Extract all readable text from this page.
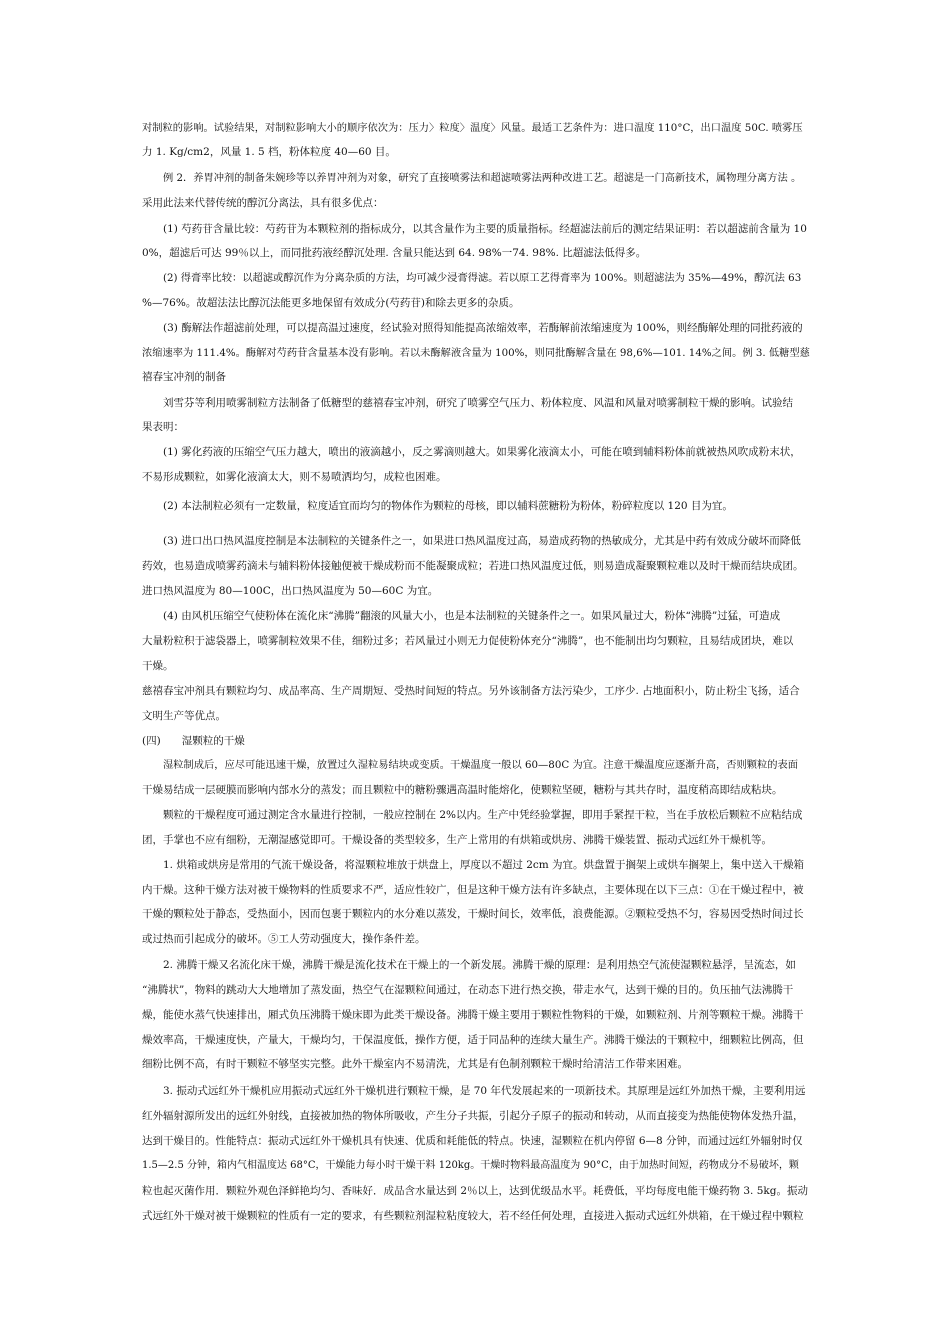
对制粒的影响。试验结果，对制粒影响大小的顺序依次为：压力〉粒度〉温度〉风量。最适工艺条件为：进口温度 110°C，出口温度 50C. 喷雾压
力 1. Kg/cm2，风量 1. 5 档，粉体粒度 40—60 目。
例 2．养胃冲剂的制备朱婉珍等以养胃冲剂为对象，研究了直接喷雾法和超滤喷雾法两种改进工艺。超滤是一门高新技术，属物理分离方法 。
采用此法来代替传统的醇沉分离法，具有很多优点：
(1) 芍药苷含量比较：芍药苷为本颗粒剂的指标成分，以其含量作为主要的质量指标。经超滤法前后的测定结果证明：若以超滤前含量为 10
0%，超滤后可达 99％以上，而同批药液经醇沉处理. 含量只能达到 64. 98%一74. 98%. 比超滤法低得多。
(2) 得膏率比较：以超滤或醇沉作为分离杂质的方法，均可减少浸膏得滤。若以原工艺得膏率为 100%。则超滤法为 35%—49%，醇沉法 63
%—76%。故超法法比醇沉法能更多地保留有效成分(芍药苷)和除去更多的杂质。
(3) 酶解法作超滤前处理，可以提高温过速度，经试验对照得知能提高浓缩效率，若酶解前浓缩速度为 100%，则经酶解处理的同批药液的
浓缩速率为 111.4%。酶解对芍药苷含量基本没有影响。若以未酶解液含量为 100%，则同批酶解含量在 98,6%—101. 14%之间。例 3. 低糖型慈
禧春宝冲剂的制备
刘雪芬等利用喷雾制粒方法制备了低糖型的慈禧春宝冲剂，研究了喷雾空气压力、粉体粒度、风温和风量对喷雾制粒干燥的影响。试验结
果表明：
(1) 雾化药液的压缩空气压力越大，喷出的液滴越小，反之雾滴则越大。如果雾化液滴太小，可能在喷到辅料粉体前就被热风吹成粉末状，
不易形成颗粒，如雾化液滴太大，则不易喷洒均匀，成粒也困难。
(2) 本法制粒必须有一定数量，粒度适宜而均匀的物体作为颗粒的母核，即以辅料蔗糖粉为粉体，粉碎粒度以 120 目为宜。
(3) 进口出口热风温度控制是本法制粒的关键条件之一，如果进口热风温度过高，易造成药物的热敏成分，尤其是中药有效成分破坏而降低
药效，也易造成喷雾药滴未与辅料粉体接触便被干燥成粉而不能凝聚成粒；若进口热风温度过低，则易造成凝聚颗粒难以及时干燥而结块成团。
进口热风温度为 80—100C，出口热风温度为 50—60C 为宜。
(4) 由风机压缩空气使粉体在流化床“沸腾”翻滚的风量大小，也是本法制粒的关键条件之一。如果风量过大，粉体“沸腾”过猛，可造成
大量粉粒积于滤袋器上，喷雾制粒效果不佳，细粉过多；若风量过小则无力促使粉体充分“沸腾”，也不能制出均匀颗粒，且易结成团块，难以
干燥。
慈禧春宝冲剂具有颗粒均匀、成品率高、生产周期短、受热时间短的特点。另外该制备方法污染少，工序少. 占地面积小，防止粉尘飞扬，适合
文明生产等优点。
(四)　　湿颗粒的干燥
湿粒制成后，应尽可能迅速干燥，放置过久湿粒易结块或变质。干燥温度一般以 60—80C 为宜。注意干燥温度应逐渐升高，否则颗粒的表面
干燥易结成一层硬膜而影响内部水分的蒸发；而且颗粒中的糖粉骤遇高温时能熔化，使颗粒坚硬，糖粉与其共存时，温度稍高即结成粘块。
颗粒的干燥程度可通过测定含水量进行控制，一般应控制在 2%以内。生产中凭经验掌握，即用手紧捏干粒，当在手放松后颗粒不应粘结成
团，手掌也不应有细粉，无潮湿感觉即可。干燥设备的类型较多，生产上常用的有烘箱或烘房、沸腾干燥装置、振动式远红外干燥机等。
1. 烘箱或烘房是常用的气流干燥设备，将湿颗粒堆放于烘盘上，厚度以不超过 2cm 为宜。烘盘置于搁架上或烘车搁架上，集中送入干燥箱
内干燥。这种干燥方法对被干燥物料的性质要求不严，适应性较广，但是这种干燥方法有许多缺点，主要体现在以下三点：①在干燥过程中，被
干燥的颗粒处于静态，受热面小，因而包裹于颗粒内的水分难以蒸发，干燥时间长，效率低，浪费能源。②颗粒受热不匀，容易因受热时间过长
或过热而引起成分的破坏。⑤工人劳动强度大，操作条件差。
2. 沸腾干燥又名流化床干燥，沸腾干燥是流化技术在干燥上的一个新发展。沸腾干燥的原理：是利用热空气流使湿颗粒悬浮，呈流态，如
“沸腾状”，物料的跳动大大地增加了蒸发面，热空气在湿颗粒间通过，在动态下进行热交换，带走水气，达到干燥的目的。负压抽气法沸腾干
燥，能使水蒸气快速排出，厢式负压沸腾干燥床即为此类干燥设备。沸腾干燥主要用于颗粒性物料的干燥，如颗粒剂、片剂等颗粒干燥。沸腾干
燥效率高，干燥速度快，产量大，干燥均匀，干保温度低，操作方便，适于同品种的连续大量生产。沸腾干燥法的干颗粒中，细颗粒比例高，但
细粉比例不高，有时干颗粒不够坚实完整。此外干燥室内不易清洗，尤其是有色制剂颗粒干燥时给清洁工作带来困难。
3. 振动式远红外干燥机应用振动式远红外干燥机进行颗粒干燥，是 70 年代发展起来的一项新技术。其原理是远红外加热干燥，主要利用远
红外辐射源所发出的远红外射线，直接被加热的物体所吸收，产生分子共振，引起分子原子的振动和转动，从而直接变为热能使物体发热升温，
达到干燥目的。性能特点：振动式远红外干燥机具有快速、优质和耗能低的特点。快速，湿颗粒在机内停留 6—8 分钟，而通过远红外辐射时仅
1.5—2.5 分钟，箱内气相温度达 68°C，干燥能力每小时干燥干料 120kg。干燥时物料最高温度为 90°C，由于加热时间短，药物成分不易破坏，颗
粒也起灭菌作用．颗粒外观色泽鲜艳均匀、香味好．成品含水量达到 2％以上，达到优级品水平。耗费低，平均每度电能干燥药物 3. 5kg。振动
式远红外干燥对被干燥颗粒的性质有一定的要求，有些颗粒剂湿粒粘度较大，若不经任何处理，直接进入振动式远红外烘箱，在干燥过程中颗粒
